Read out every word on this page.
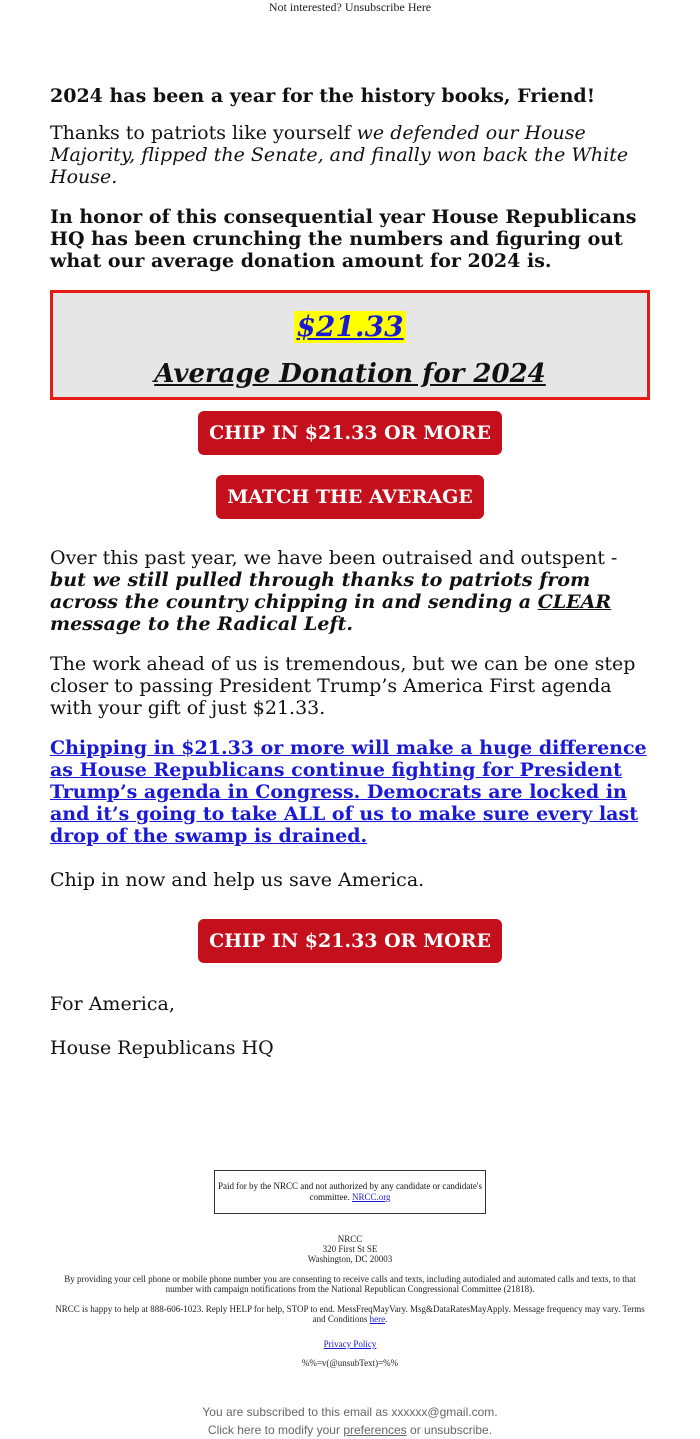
Not interested? Unsubscribe Here

2024 has been a year for the history books, Friend!

Thanks to patriots like yourself we defended our House Majority, flipped the Senate, and finally won back the White House.

In honor of this consequential year House Republicans HQ has been crunching the numbers and figuring out what our average donation amount for 2024 is.

$21.33
Average Donation for 2024
CHIP IN $21.33 OR MORE
MATCH THE AVERAGE

Over this past year, we have been outraised and outspent - but we still pulled through thanks to patriots from across the country chipping in and sending a CLEAR message to the Radical Left.

The work ahead of us is tremendous, but we can be one step closer to passing President Trump’s America First agenda with your gift of just $21.33.

Chipping in $21.33 or more will make a huge difference as House Republicans continue fighting for President Trump’s agenda in Congress. Democrats are locked in and it’s going to take ALL of us to make sure every last drop of the swamp is drained.

Chip in now and help us save America.

CHIP IN $21.33 OR MORE

For America,

House Republicans HQ

Paid for by the NRCC and not authorized by any candidate or candidate's committee. NRCC.org
NRCC
320 First St SE
Washington, DC 20003
By providing your cell phone or mobile phone number you are consenting to receive calls and texts, including autodialed and automated calls and texts, to that number with campaign notifications from the National Republican Congressional Committee (21818).
NRCC is happy to help at 888-606-1023. Reply HELP for help, STOP to end. MessFreqMayVary. Msg&DataRatesMayApply. Message frequency may vary. Terms and Conditions here.
Privacy Policy
%%=v(@unsubText)=%%
You are subscribed to this email as xxxxxx@gmail.com.
Click here to modify your preferences or unsubscribe.
